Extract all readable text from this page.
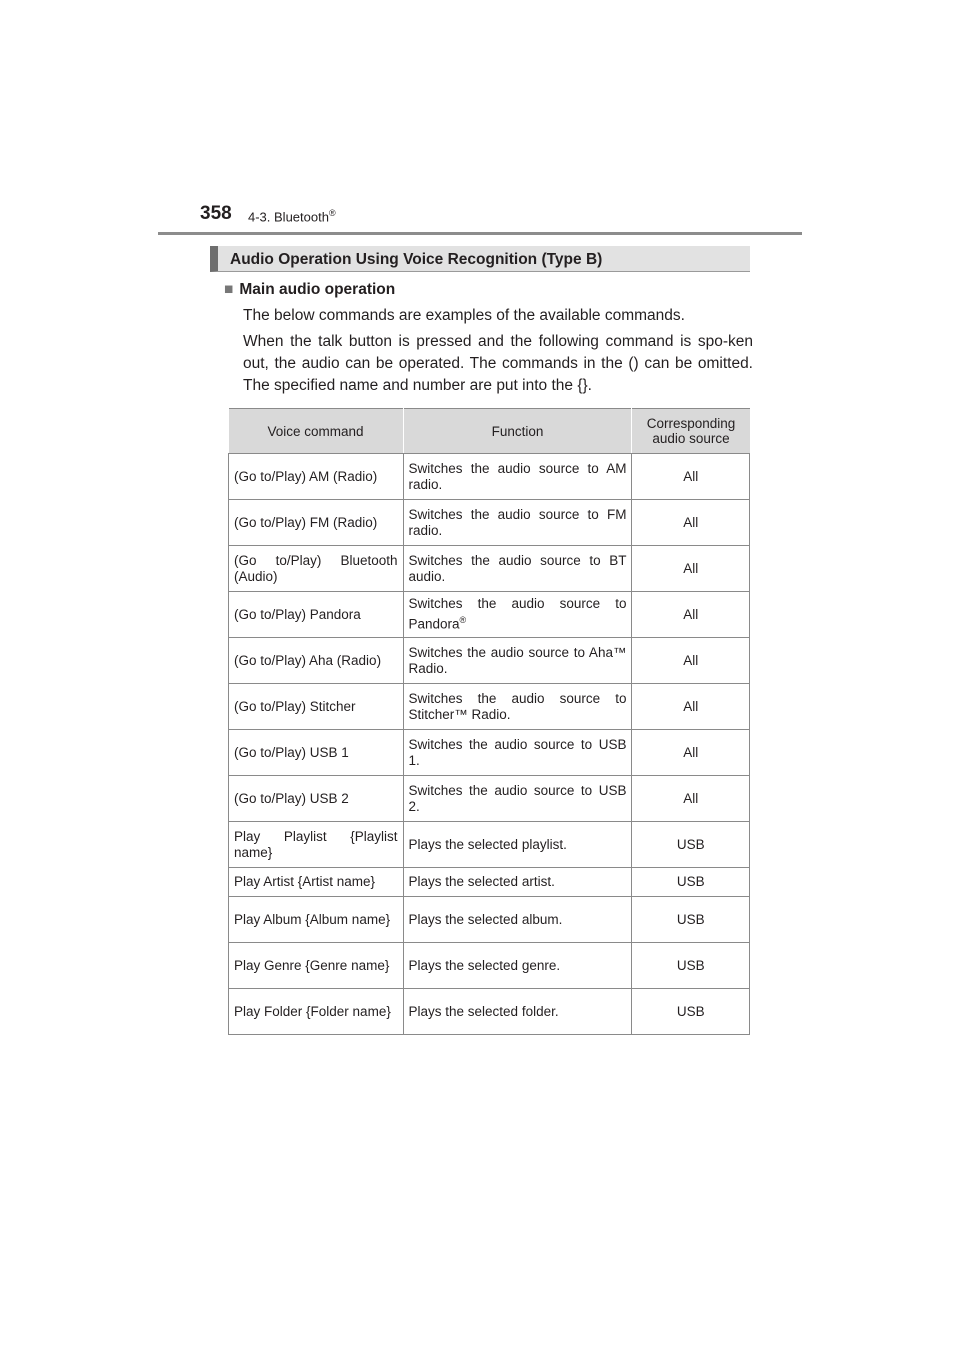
358 4-3. Bluetooth®
Audio Operation Using Voice Recognition (Type B)
■ Main audio operation
The below commands are examples of the available commands.
When the talk button is pressed and the following command is spo-ken out, the audio can be operated. The commands in the () can be omitted. The specified name and number are put into the {}.
Voice command	Function	Corresponding audio source
(Go to/Play) AM (Radio)	Switches the audio source to AM radio.	All
(Go to/Play) FM (Radio)	Switches the audio source to FM radio.	All
(Go to/Play) Bluetooth (Audio)	Switches the audio source to BT audio.	All
(Go to/Play) Pandora	Switches the audio source to Pandora®	All
(Go to/Play) Aha (Radio)	Switches the audio source to Aha™ Radio.	All
(Go to/Play) Stitcher	Switches the audio source to Stitcher™ Radio.	All
(Go to/Play) USB 1	Switches the audio source to USB 1.	All
(Go to/Play) USB 2	Switches the audio source to USB 2.	All
Play Playlist {Playlist name}	Plays the selected playlist.	USB
Play Artist {Artist name}	Plays the selected artist.	USB
Play Album {Album name}	Plays the selected album.	USB
Play Genre {Genre name}	Plays the selected genre.	USB
Play Folder {Folder name}	Plays the selected folder.	USB
